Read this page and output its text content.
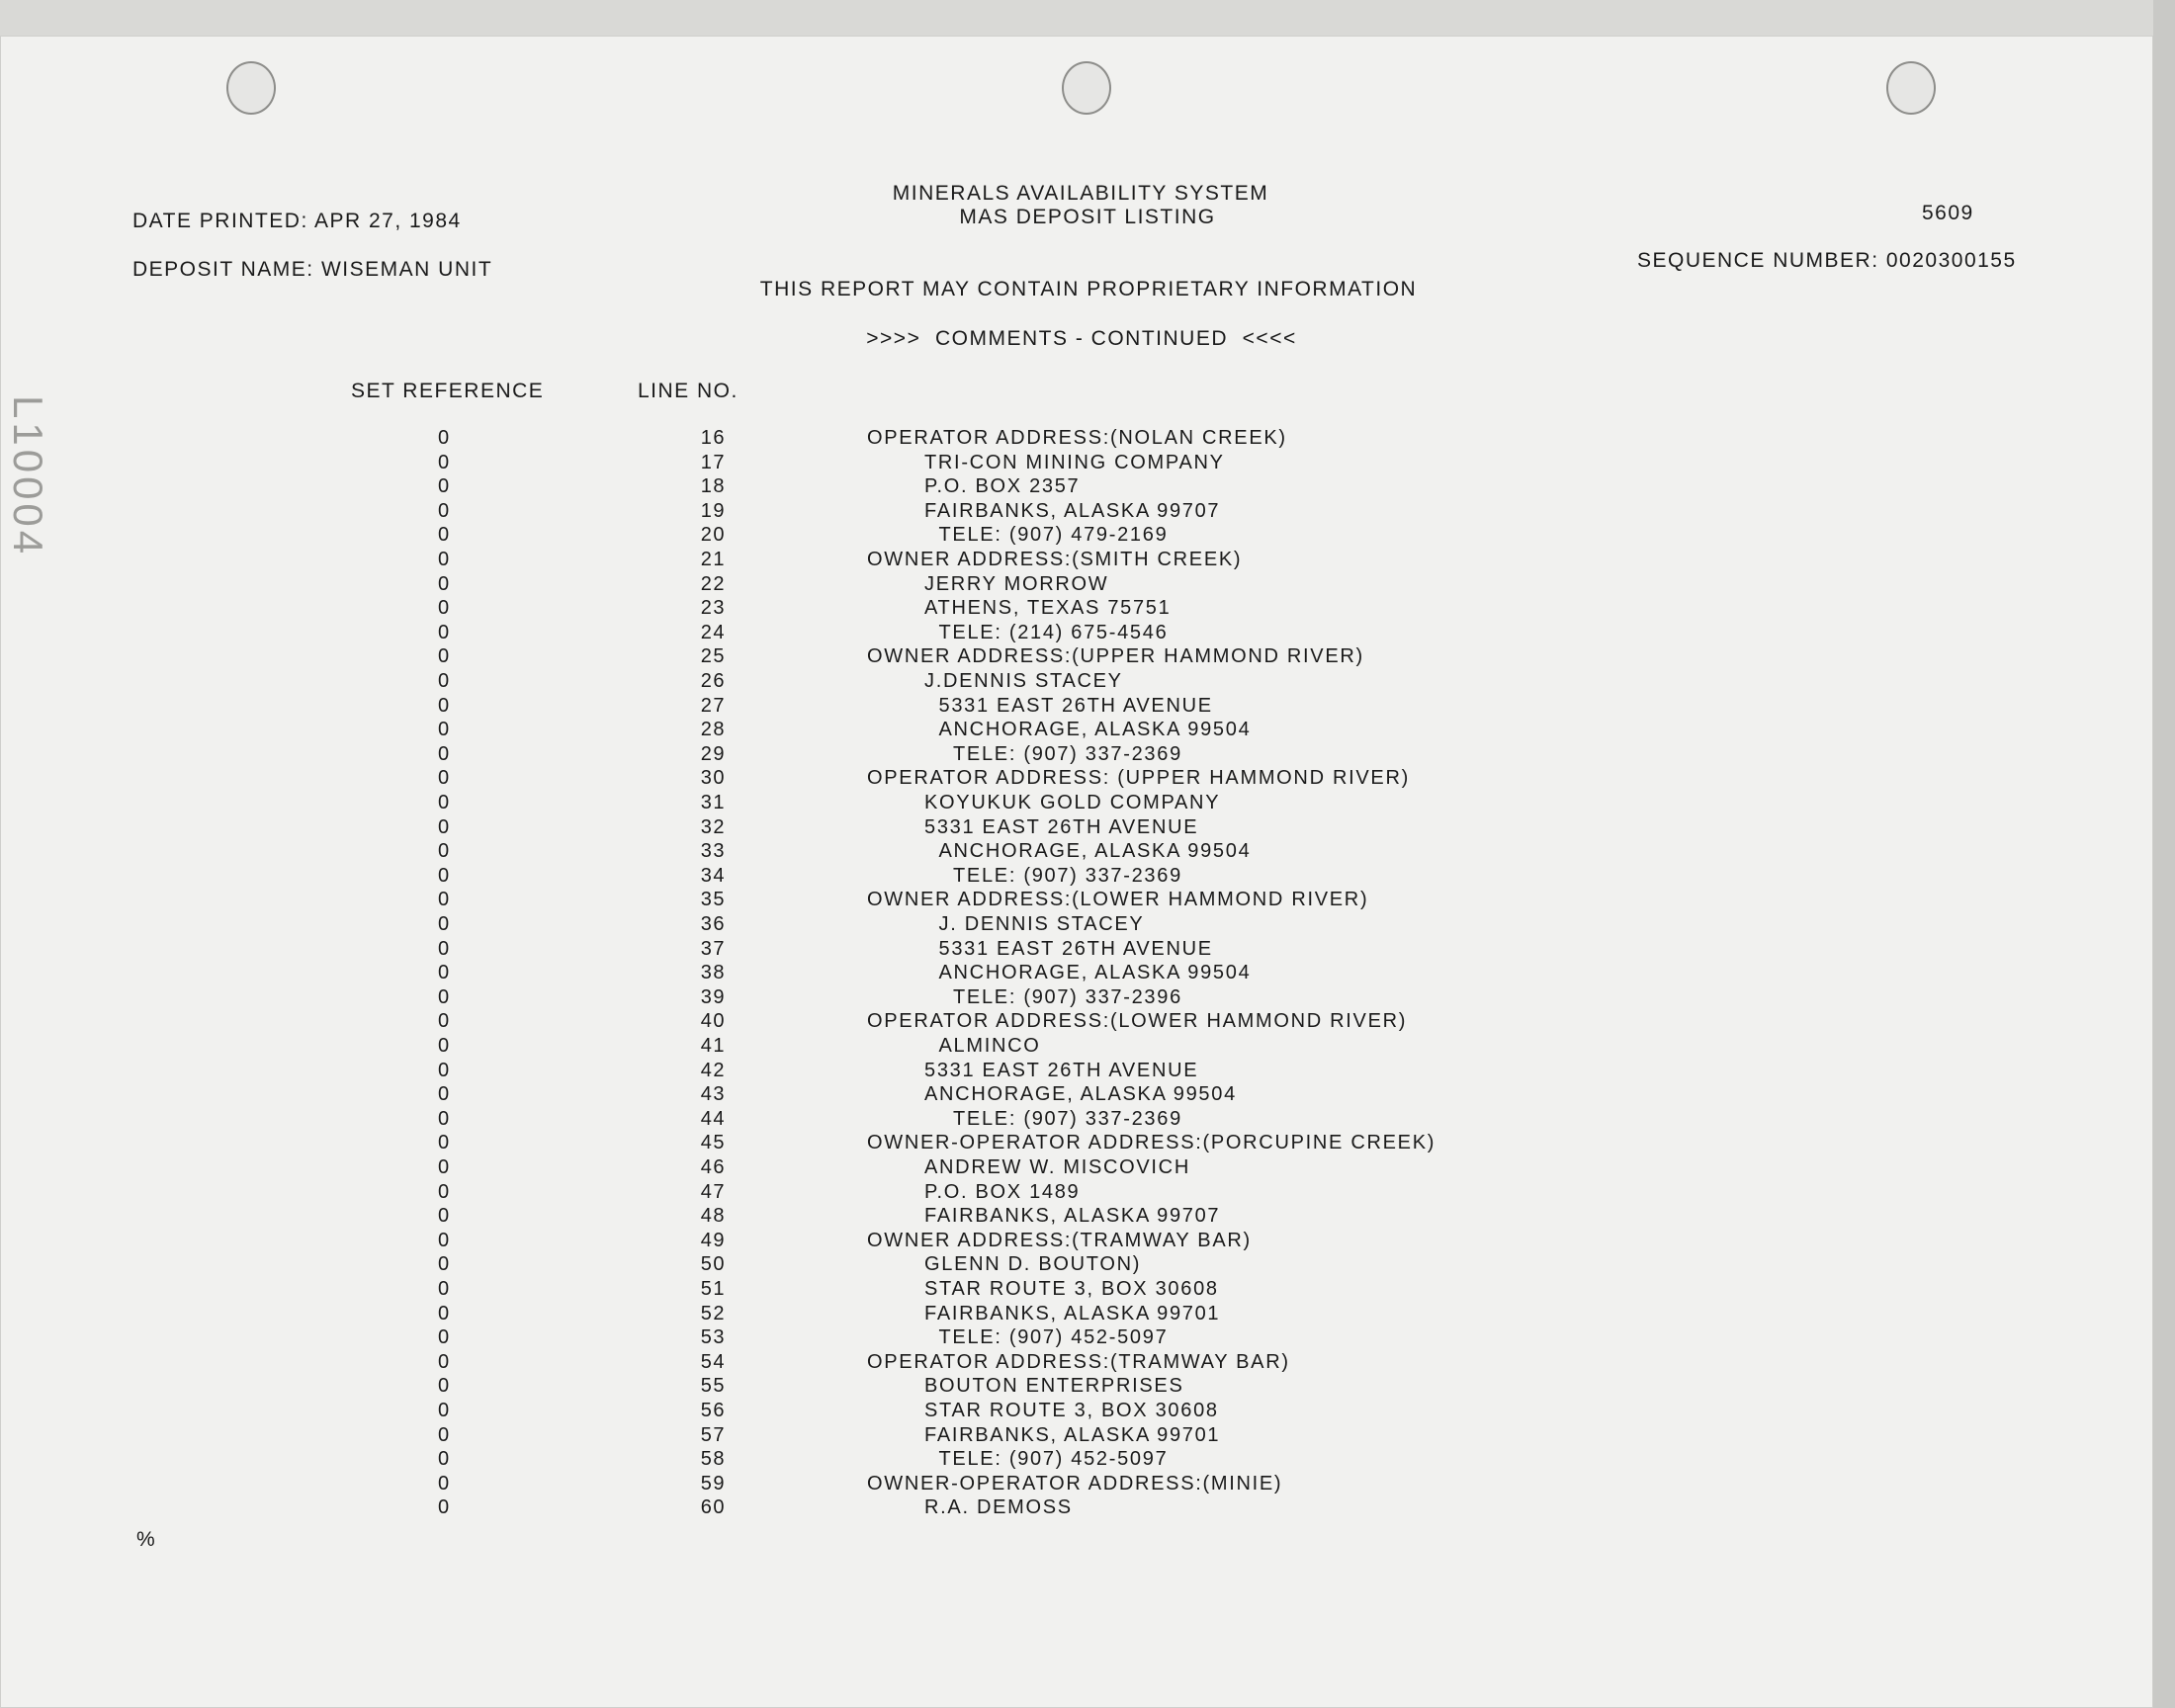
L10004
MINERALS AVAILABILITY SYSTEM
MAS DEPOSIT LISTING	5609
DATE PRINTED: APR 27, 1984
DEPOSIT NAME: WISEMAN UNIT	SEQUENCE NUMBER: 0020300155
THIS REPORT MAY CONTAIN PROPRIETARY INFORMATION
>>>>  COMMENTS - CONTINUED  <<<<
SET REFERENCE	LINE NO.
0	16	OPERATOR ADDRESS:(NOLAN CREEK)
0	17	TRI-CON MINING COMPANY
0	18	P.O. BOX 2357
0	19	FAIRBANKS, ALASKA 99707
0	20	TELE: (907) 479-2169
0	21	OWNER ADDRESS:(SMITH CREEK)
0	22	JERRY MORROW
0	23	ATHENS, TEXAS 75751
0	24	TELE: (214) 675-4546
0	25	OWNER ADDRESS:(UPPER HAMMOND RIVER)
0	26	J.DENNIS STACEY
0	27	5331 EAST 26TH AVENUE
0	28	ANCHORAGE, ALASKA 99504
0	29	TELE: (907) 337-2369
0	30	OPERATOR ADDRESS: (UPPER HAMMOND RIVER)
0	31	KOYUKUK GOLD COMPANY
0	32	5331 EAST 26TH AVENUE
0	33	ANCHORAGE, ALASKA 99504
0	34	TELE: (907) 337-2369
0	35	OWNER ADDRESS:(LOWER HAMMOND RIVER)
0	36	J. DENNIS STACEY
0	37	5331 EAST 26TH AVENUE
0	38	ANCHORAGE, ALASKA 99504
0	39	TELE: (907) 337-2396
0	40	OPERATOR ADDRESS:(LOWER HAMMOND RIVER)
0	41	ALMINCO
0	42	5331 EAST 26TH AVENUE
0	43	ANCHORAGE, ALASKA 99504
0	44	TELE: (907) 337-2369
0	45	OWNER-OPERATOR ADDRESS:(PORCUPINE CREEK)
0	46	ANDREW W. MISCOVICH
0	47	P.O. BOX 1489
0	48	FAIRBANKS, ALASKA 99707
0	49	OWNER ADDRESS:(TRAMWAY BAR)
0	50	GLENN D. BOUTON)
0	51	STAR ROUTE 3, BOX 30608
0	52	FAIRBANKS, ALASKA 99701
0	53	TELE: (907) 452-5097
0	54	OPERATOR ADDRESS:(TRAMWAY BAR)
0	55	BOUTON ENTERPRISES
0	56	STAR ROUTE 3, BOX 30608
0	57	FAIRBANKS, ALASKA 99701
0	58	TELE: (907) 452-5097
0	59	OWNER-OPERATOR ADDRESS:(MINIE)
0	60	R.A. DEMOSS
%
